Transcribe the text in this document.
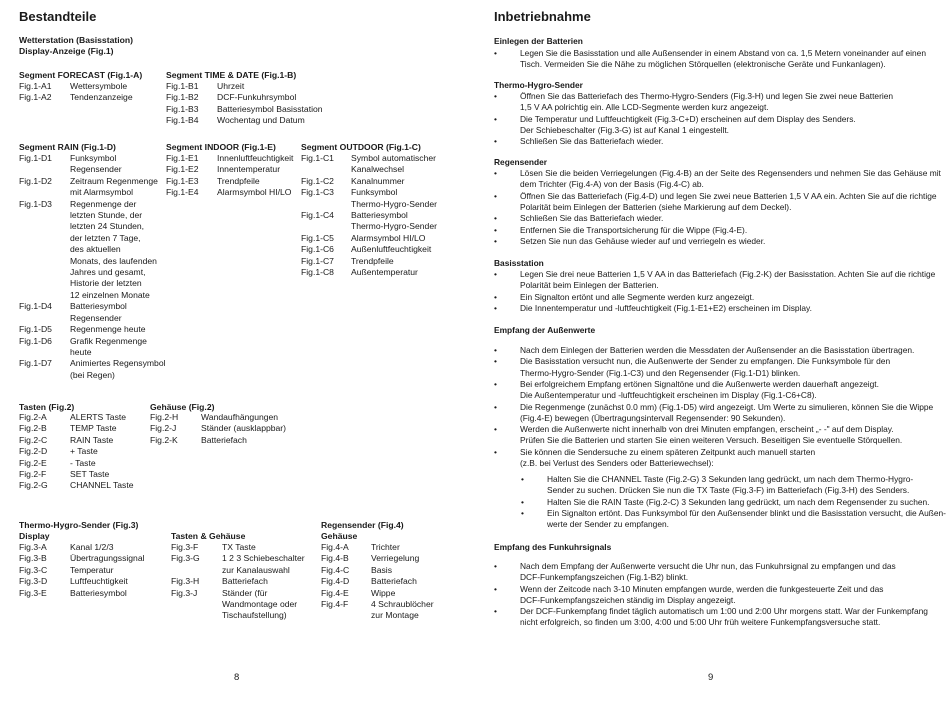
Bestandteile
Wetterstation (Basisstation)
Display-Anzeige (Fig.1)
Segment FORECAST (Fig.1-A)
Fig.1-A1	Wettersymbole
Fig.1-A2	Tendenzanzeige
Segment TIME & DATE (Fig.1-B)
Fig.1-B1	Uhrzeit
Fig.1-B2	DCF-Funkuhrsymbol
Fig.1-B3	Batteriesymbol Basisstation
Fig.1-B4	Wochentag und Datum
Segment RAIN (Fig.1-D)
Fig.1-D1	Funksymbol
Regensender
Fig.1-D2	Zeitraum Regenmenge
mit Alarmsymbol
Fig.1-D3	Regenmenge der
letzten Stunde, der
letzten 24 Stunden,
der letzten 7 Tage,
des aktuellen
Monats, des laufenden
Jahres und gesamt,
Historie der letzten
12 einzelnen Monate
Fig.1-D4	Batteriesymbol
Regensender
Fig.1-D5	Regenmenge heute
Fig.1-D6	Grafik Regenmenge
heute
Fig.1-D7	Animiertes Regensymbol
(bei Regen)
Segment INDOOR (Fig.1-E)
Fig.1-E1	Innenluftfeuchtigkeit
Fig.1-E2	Innentemperatur
Fig.1-E3	Trendpfeile
Fig.1-E4	Alarmsymbol HI/LO
Segment OUTDOOR (Fig.1-C)
Fig.1-C1	Symbol automatischer
Kanalwechsel
Fig.1-C2	Kanalnummer
Fig.1-C3	Funksymbol
Thermo-Hygro-Sender
Fig.1-C4	Batteriesymbol
Thermo-Hygro-Sender
Fig.1-C5	Alarmsymbol HI/LO
Fig.1-C6	Außenluftfeuchtigkeit
Fig.1-C7	Trendpfeile
Fig.1-C8	Außentemperatur
Tasten (Fig.2)
Fig.2-A	ALERTS Taste
Fig.2-B	TEMP Taste
Fig.2-C	RAIN Taste
Fig.2-D	+ Taste
Fig.2-E	- Taste
Fig.2-F	SET Taste
Fig.2-G	CHANNEL Taste
Gehäuse (Fig.2)
Fig.2-H	Wandaufhängungen
Fig.2-J	Ständer (ausklappbar)
Fig.2-K	Batteriefach
Thermo-Hygro-Sender (Fig.3)
Display
Fig.3-A	Kanal 1/2/3
Fig.3-B	Übertragungssignal
Fig.3-C	Temperatur
Fig.3-D	Luftfeuchtigkeit
Fig.3-E	Batteriesymbol
Tasten & Gehäuse
Fig.3-F	TX Taste
Fig.3-G	1 2 3 Schiebeschalter
zur Kanalauswahl
Fig.3-H	Batteriefach
Fig.3-J	Ständer (für
Wandmontage oder
Tischaufstellung)
Regensender (Fig.4)
Gehäuse
Fig.4-A	Trichter
Fig.4-B	Verriegelung
Fig.4-C	Basis
Fig.4-D	Batteriefach
Fig.4-E	Wippe
Fig.4-F	4 Schraublöcher
zur Montage
8
Inbetriebnahme
Einlegen der Batterien
•	Legen Sie die Basisstation und alle Außensender in einem Abstand von ca. 1,5 Metern voneinander auf einen
Tisch. Vermeiden Sie die Nähe zu möglichen Störquellen (elektronische Geräte und Funkanlagen).
Thermo-Hygro-Sender
•	Öffnen Sie das Batteriefach des Thermo-Hygro-Senders (Fig.3-H) und legen Sie zwei neue Batterien
1,5 V AA polrichtig ein. Alle LCD-Segmente werden kurz angezeigt.
•	Die Temperatur und Luftfeuchtigkeit (Fig.3-C+D) erscheinen auf dem Display des Senders.
Der Schiebeschalter (Fig.3-G) ist auf Kanal 1 eingestellt.
•	Schließen Sie das Batteriefach wieder.
Regensender
•	Lösen Sie die beiden Verriegelungen (Fig.4-B) an der Seite des Regensenders und nehmen Sie das Gehäuse mit
dem Trichter (Fig.4-A) von der Basis (Fig.4-C) ab.
•	Öffnen Sie das Batteriefach (Fig.4-D) und legen Sie zwei neue Batterien 1,5 V AA ein. Achten Sie auf die richtige
Polarität beim Einlegen der Batterien (siehe Markierung auf dem Deckel).
•	Schließen Sie das Batteriefach wieder.
•	Entfernen Sie die Transportsicherung für die Wippe (Fig.4-E).
•	Setzen Sie nun das Gehäuse wieder auf und verriegeln es wieder.
Basisstation
•	Legen Sie drei neue Batterien 1,5 V AA in das Batteriefach (Fig.2-K) der Basisstation. Achten Sie auf die richtige
Polarität beim Einlegen der Batterien.
•	Ein Signalton ertönt und alle Segmente werden kurz angezeigt.
•	Die Innentemperatur und -luftfeuchtigkeit (Fig.1-E1+E2) erscheinen im Display.
Empfang der Außenwerte
•	Nach dem Einlegen der Batterien werden die Messdaten der Außensender an die Basisstation übertragen.
•	Die Basisstation versucht nun, die Außenwerte der Sender zu empfangen. Die Funksymbole für den
Thermo-Hygro-Sender (Fig.1-C3) und den Regensender (Fig.1-D1) blinken.
•	Bei erfolgreichem Empfang ertönen Signaltöne und die Außenwerte werden dauerhaft angezeigt.
Die Außentemperatur und -luftfeuchtigkeit erscheinen im Display (Fig.1-C6+C8).
•	Die Regenmenge (zunächst 0.0 mm) (Fig.1-D5) wird angezeigt. Um Werte zu simulieren, können Sie die Wippe
(Fig.4-E) bewegen (Übertragungsintervall Regensender: 90 Sekunden).
•	Werden die Außenwerte nicht innerhalb von drei Minuten empfangen, erscheint „- -" auf dem Display.
Prüfen Sie die Batterien und starten Sie einen weiteren Versuch. Beseitigen Sie eventuelle Störquellen.
•	Sie können die Sendersuche zu einem späteren Zeitpunkt auch manuell starten
(z.B. bei Verlust des Senders oder Batteriewechsel):
•	Halten Sie die CHANNEL Taste (Fig.2-G) 3 Sekunden lang gedrückt, um nach dem Thermo-Hygro-
Sender zu suchen. Drücken Sie nun die TX Taste (Fig.3-F) im Batteriefach (Fig.3-H) des Senders.
•	Halten Sie die RAIN Taste (Fig.2-C) 3 Sekunden lang gedrückt, um nach dem Regensender zu suchen.
•	Ein Signalton ertönt. Das Funksymbol für den Außensender blinkt und die Basisstation versucht, die Außen-
werte der Sender zu empfangen.
Empfang des Funkuhrsignals
•	Nach dem Empfang der Außenwerte versucht die Uhr nun, das Funkuhrsignal zu empfangen und das
DCF-Funkempfangszeichen (Fig.1-B2) blinkt.
•	Wenn der Zeitcode nach 3-10 Minuten empfangen wurde, werden die funkgesteuerte Zeit und das
DCF-Funkempfangszeichen ständig im Display angezeigt.
•	Der DCF-Funkempfang findet täglich automatisch um 1:00 und 2:00 Uhr morgens statt. War der Funkempfang
nicht erfolgreich, so finden um 3:00, 4:00 und 5:00 Uhr früh weitere Funkempfangsversuche statt.
9
